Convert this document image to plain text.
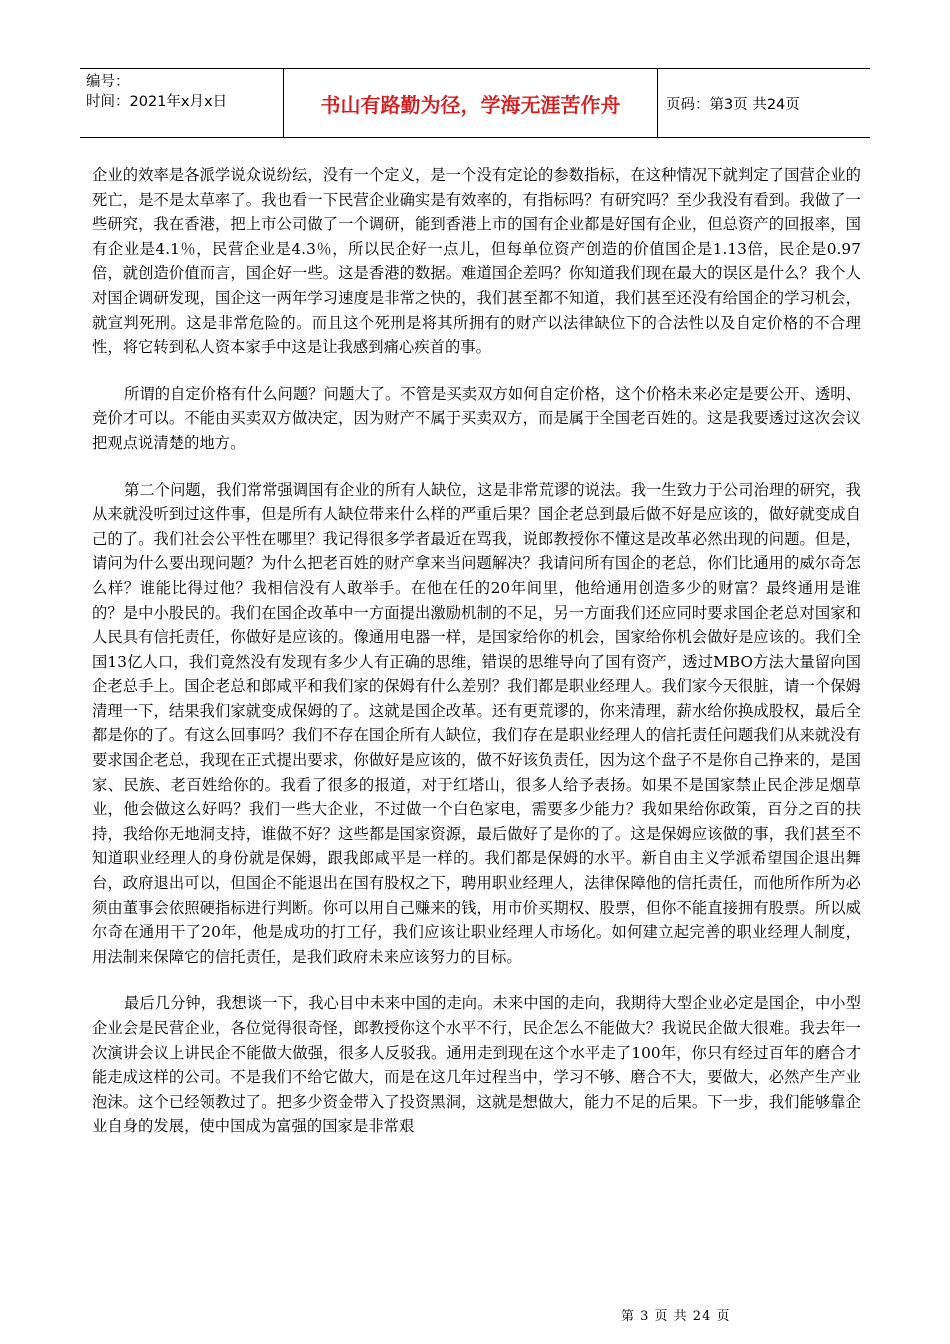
编号：
时间：2021年x月x日	书山有路勤为径，学海无涯苦作舟	页码：第3页 共24页

企业的效率是各派学说众说纷纭，没有一个定义，是一个没有定论的参数指标，在这种情况下就判定了国营企业的死亡，是不是太草率了。我也看一下民营企业确实是有效率的，有指标吗？有研究吗？至少我没有看到。我做了一些研究，我在香港，把上市公司做了一个调研，能到香港上市的国有企业都是好国有企业，但总资产的回报率，国有企业是4.1％，民营企业是4.3％，所以民企好一点儿，但每单位资产创造的价值国企是1.13倍，民企是0.97倍，就创造价值而言，国企好一些。这是香港的数据。难道国企差吗？你知道我们现在最大的误区是什么？我个人对国企调研发现，国企这一两年学习速度是非常之快的，我们甚至都不知道，我们甚至还没有给国企的学习机会，就宣判死刑。这是非常危险的。而且这个死刑是将其所拥有的财产以法律缺位下的合法性以及自定价格的不合理性，将它转到私人资本家手中这是让我感到痛心疾首的事。

所谓的自定价格有什么问题？问题大了。不管是买卖双方如何自定价格，这个价格未来必定是要公开、透明、竞价才可以。不能由买卖双方做决定，因为财产不属于买卖双方，而是属于全国老百姓的。这是我要透过这次会议把观点说清楚的地方。

第二个问题，我们常常强调国有企业的所有人缺位，这是非常荒谬的说法。我一生致力于公司治理的研究，我从来就没听到过这件事，但是所有人缺位带来什么样的严重后果？国企老总到最后做不好是应该的，做好就变成自己的了。我们社会公平性在哪里？我记得很多学者最近在骂我，说郎教授你不懂这是改革必然出现的问题。但是，请问为什么要出现问题？为什么把老百姓的财产拿来当问题解决？我请问所有国企的老总，你们比通用的威尔奇怎么样？谁能比得过他？我相信没有人敢举手。在他在任的20年间里，他给通用创造多少的财富？最终通用是谁的？是中小股民的。我们在国企改革中一方面提出激励机制的不足，另一方面我们还应同时要求国企老总对国家和人民具有信托责任，你做好是应该的。像通用电器一样，是国家给你的机会，国家给你机会做好是应该的。我们全国13亿人口，我们竟然没有发现有多少人有正确的思维，错误的思维导向了国有资产，透过MBO方法大量留向国企老总手上。国企老总和郎咸平和我们家的保姆有什么差别？我们都是职业经理人。我们家今天很脏，请一个保姆清理一下，结果我们家就变成保姆的了。这就是国企改革。还有更荒谬的，你来清理，薪水给你换成股权，最后全都是你的了。有这么回事吗？我们不存在国企所有人缺位，我们存在是职业经理人的信托责任问题我们从来就没有要求国企老总，我现在正式提出要求，你做好是应该的，做不好该负责任，因为这个盘子不是你自己挣来的，是国家、民族、老百姓给你的。我看了很多的报道，对于红塔山，很多人给予表扬。如果不是国家禁止民企涉足烟草业，他会做这么好吗？我们一些大企业，不过做一个白色家电，需要多少能力？我如果给你政策，百分之百的扶持，我给你无地洞支持，谁做不好？这些都是国家资源，最后做好了是你的了。这是保姆应该做的事，我们甚至不知道职业经理人的身份就是保姆，跟我郎咸平是一样的。我们都是保姆的水平。新自由主义学派希望国企退出舞台，政府退出可以，但国企不能退出在国有股权之下，聘用职业经理人，法律保障他的信托责任，而他所作所为必须由董事会依照硬指标进行判断。你可以用自己赚来的钱，用市价买期权、股票，但你不能直接拥有股票。所以威尔奇在通用干了20年，他是成功的打工仔，我们应该让职业经理人市场化。如何建立起完善的职业经理人制度，用法制来保障它的信托责任，是我们政府未来应该努力的目标。

最后几分钟，我想谈一下，我心目中未来中国的走向。未来中国的走向，我期待大型企业必定是国企，中小型企业会是民营企业，各位觉得很奇怪，郎教授你这个水平不行，民企怎么不能做大？我说民企做大很难。我去年一次演讲会议上讲民企不能做大做强，很多人反驳我。通用走到现在这个水平走了100年，你只有经过百年的磨合才能走成这样的公司。不是我们不给它做大，而是在这几年过程当中，学习不够、磨合不大，要做大，必然产生产业泡沫。这个已经领教过了。把多少资金带入了投资黑洞，这就是想做大，能力不足的后果。下一步，我们能够靠企业自身的发展，使中国成为富强的国家是非常艰

第 3 页 共 24 页
